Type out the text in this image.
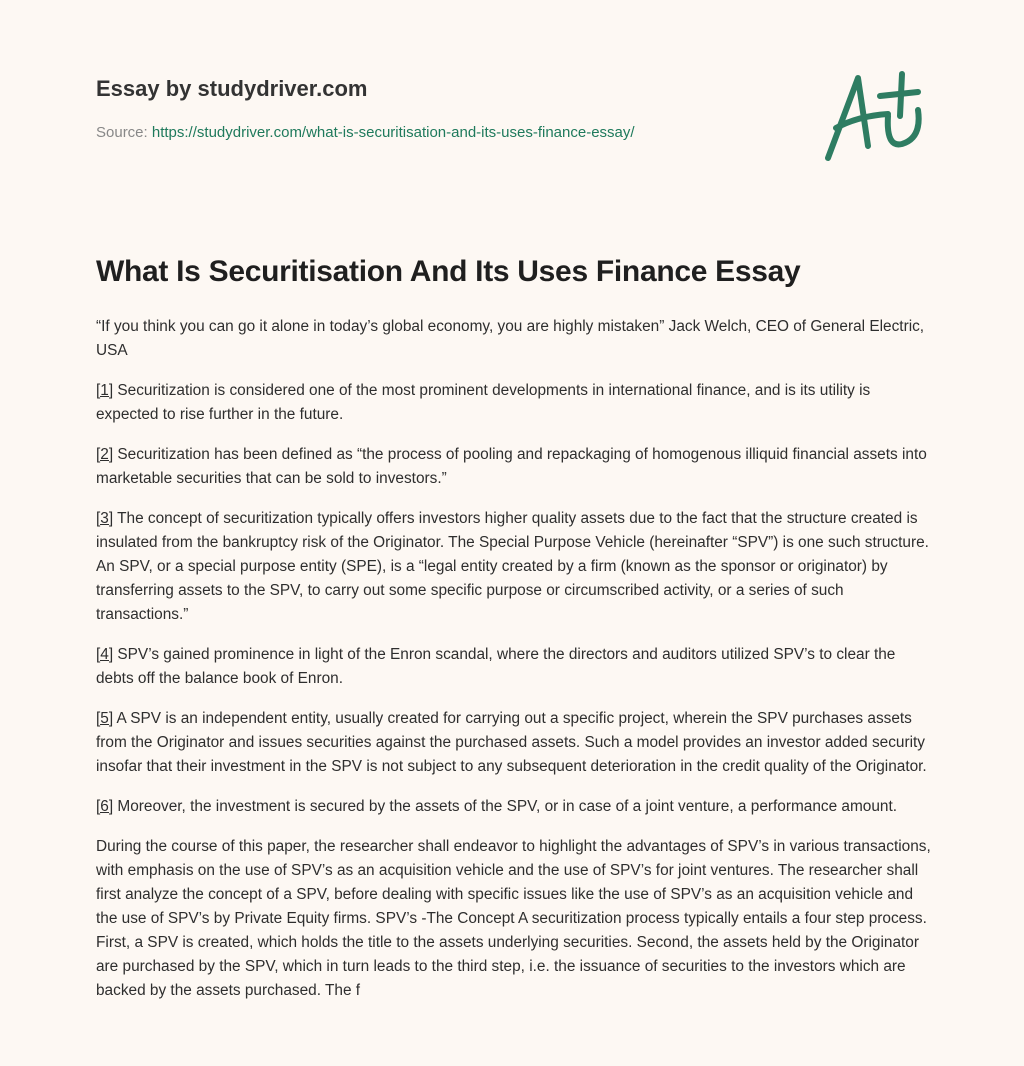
Essay by studydriver.com
Source: https://studydriver.com/what-is-securitisation-and-its-uses-finance-essay/
What Is Securitisation And Its Uses Finance Essay

“If you think you can go it alone in today’s global economy, you are highly mistaken” Jack Welch, CEO of General Electric, USA

[1] Securitization is considered one of the most prominent developments in international finance, and is its utility is expected to rise further in the future.

[2] Securitization has been defined as “the process of pooling and repackaging of homogenous illiquid financial assets into marketable securities that can be sold to investors.”

[3] The concept of securitization typically offers investors higher quality assets due to the fact that the structure created is insulated from the bankruptcy risk of the Originator. The Special Purpose Vehicle (hereinafter “SPV”) is one such structure. An SPV, or a special purpose entity (SPE), is a “legal entity created by a firm (known as the sponsor or originator) by transferring assets to the SPV, to carry out some specific purpose or circumscribed activity, or a series of such transactions.”

[4] SPV’s gained prominence in light of the Enron scandal, where the directors and auditors utilized SPV’s to clear the debts off the balance book of Enron.

[5] A SPV is an independent entity, usually created for carrying out a specific project, wherein the SPV purchases assets from the Originator and issues securities against the purchased assets. Such a model provides an investor added security insofar that their investment in the SPV is not subject to any subsequent deterioration in the credit quality of the Originator.

[6] Moreover, the investment is secured by the assets of the SPV, or in case of a joint venture, a performance amount.

During the course of this paper, the researcher shall endeavor to highlight the advantages of SPV’s in various transactions, with emphasis on the use of SPV’s as an acquisition vehicle and the use of SPV’s for joint ventures. The researcher shall first analyze the concept of a SPV, before dealing with specific issues like the use of SPV’s as an acquisition vehicle and the use of SPV’s by Private Equity firms. SPV’s -The Concept A securitization process typically entails a four step process. First, a SPV is created, which holds the title to the assets underlying securities. Second, the assets held by the Originator are purchased by the SPV, which in turn leads to the third step, i.e. the issuance of securities to the investors which are backed by the assets purchased. The f
